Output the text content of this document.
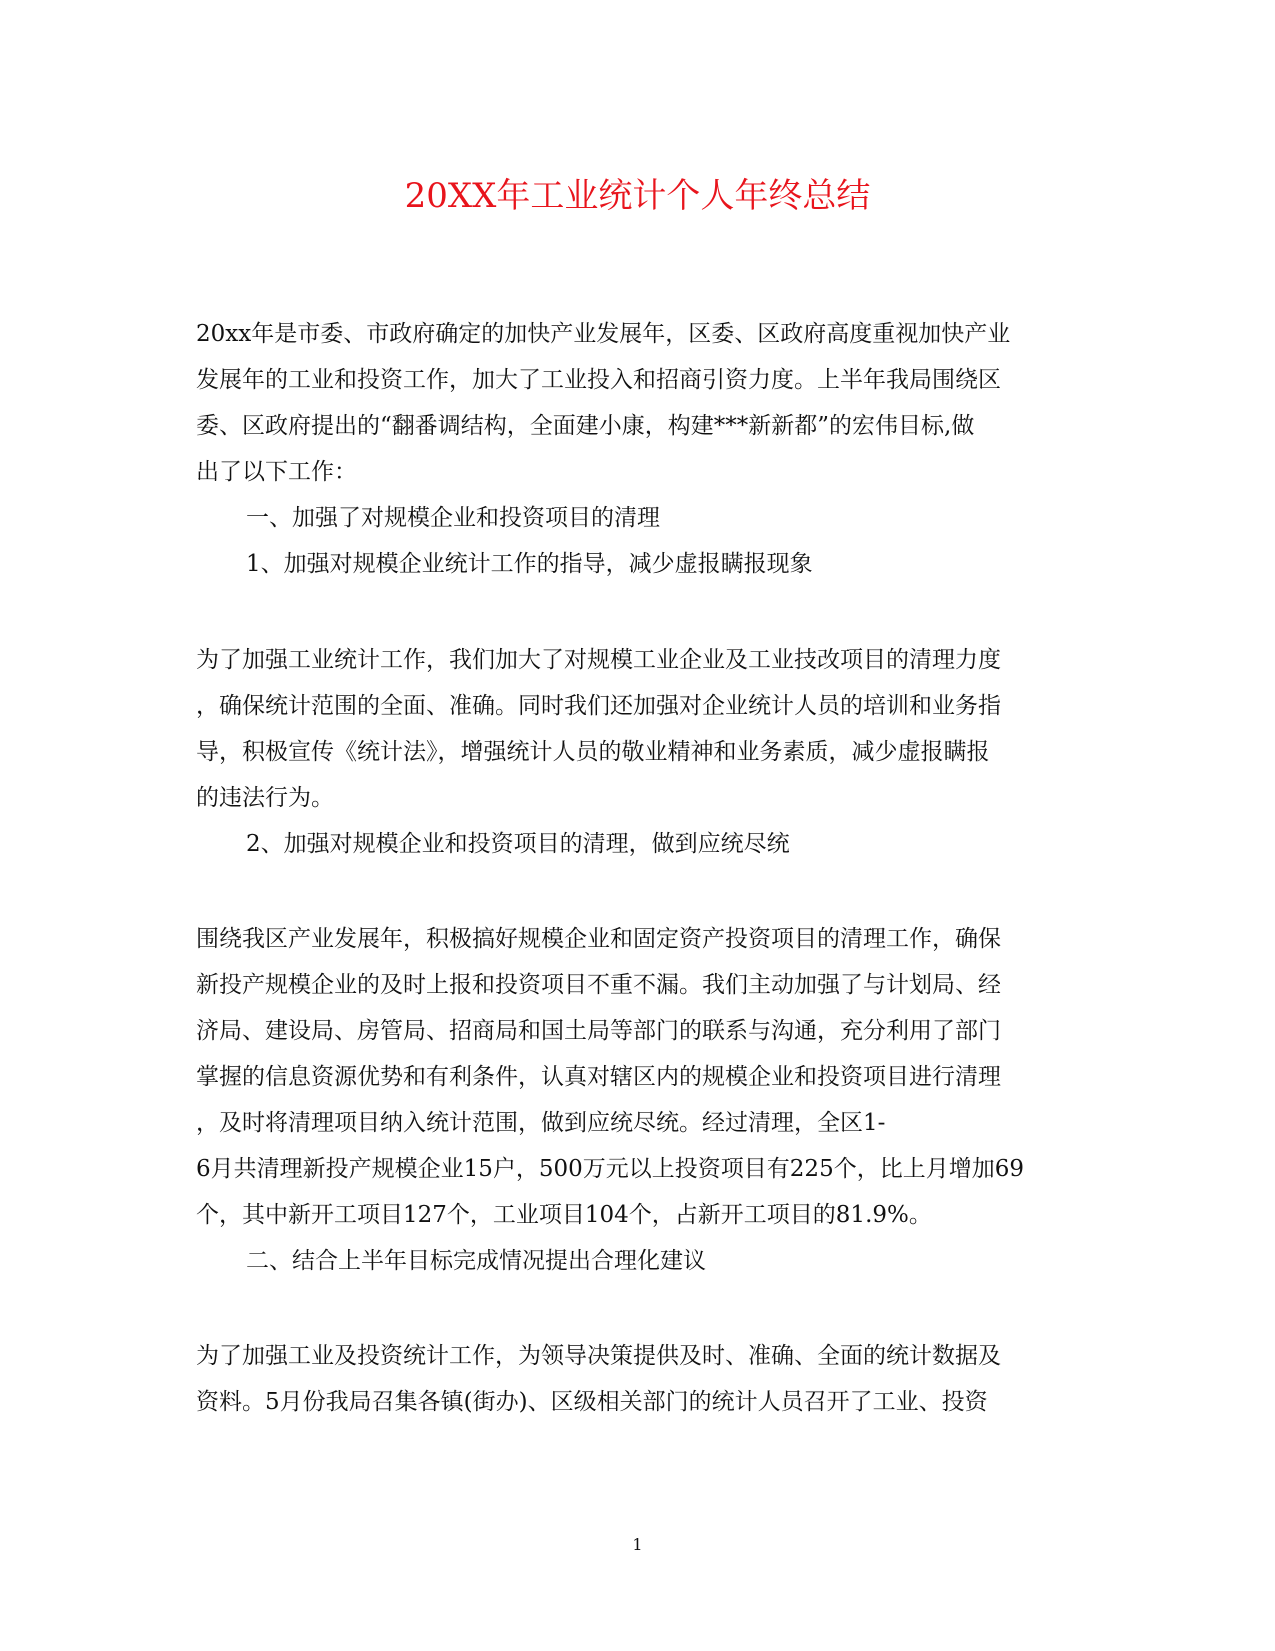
20XX年工业统计个人年终总结

20xx年是市委、市政府确定的加快产业发展年，区委、区政府高度重视加快产业

发展年的工业和投资工作，加大了工业投入和招商引资力度。上半年我局围绕区

委、区政府提出的“翻番调结构，全面建小康，构建***新新都”的宏伟目标,做

出了以下工作：

一、加强了对规模企业和投资项目的清理

1、加强对规模企业统计工作的指导，减少虚报瞒报现象

为了加强工业统计工作，我们加大了对规模工业企业及工业技改项目的清理力度

，确保统计范围的全面、准确。同时我们还加强对企业统计人员的培训和业务指

导，积极宣传《统计法》，增强统计人员的敬业精神和业务素质，减少虚报瞒报

的违法行为。

2、加强对规模企业和投资项目的清理，做到应统尽统

围绕我区产业发展年，积极搞好规模企业和固定资产投资项目的清理工作，确保

新投产规模企业的及时上报和投资项目不重不漏。我们主动加强了与计划局、经

济局、建设局、房管局、招商局和国土局等部门的联系与沟通，充分利用了部门

掌握的信息资源优势和有利条件，认真对辖区内的规模企业和投资项目进行清理

，及时将清理项目纳入统计范围，做到应统尽统。经过清理，全区1-

6月共清理新投产规模企业15户，500万元以上投资项目有225个，比上月增加69

个，其中新开工项目127个，工业项目104个，占新开工项目的81.9%。

二、结合上半年目标完成情况提出合理化建议

为了加强工业及投资统计工作，为领导决策提供及时、准确、全面的统计数据及

资料。5月份我局召集各镇(街办)、区级相关部门的统计人员召开了工业、投资

1
